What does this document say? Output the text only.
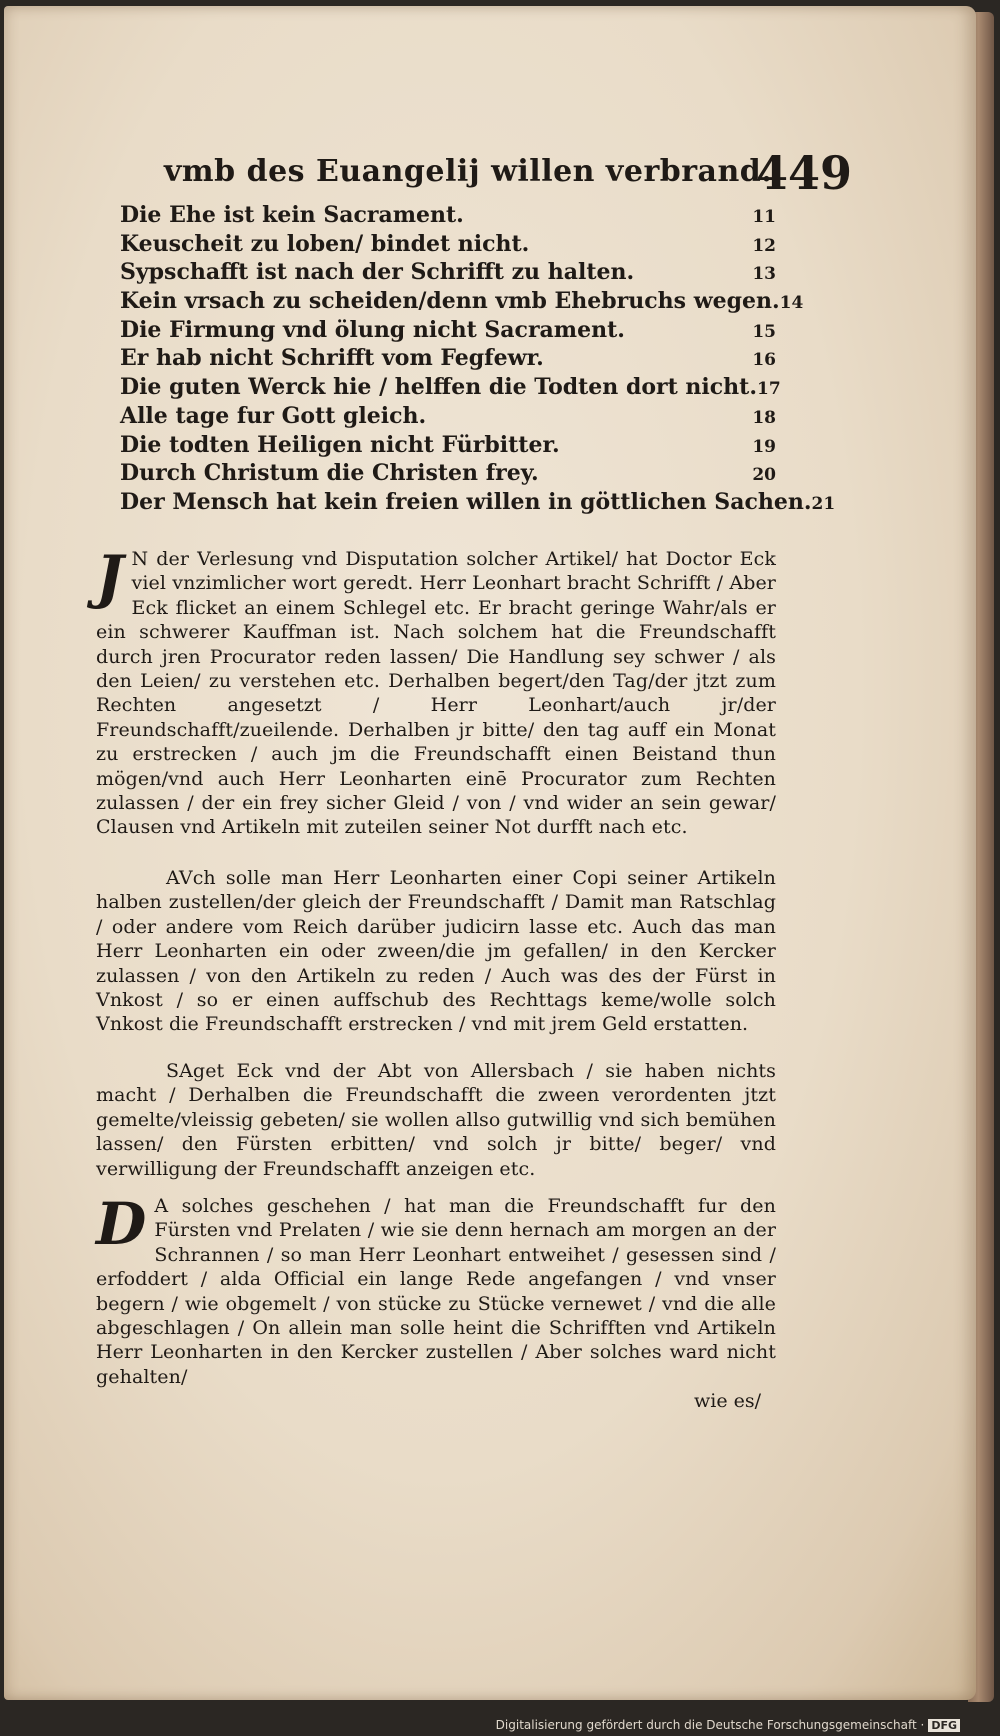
vmb des Euangelij willen verbrand.
449
Die Ehe ist kein Sacrament.	11
Keuscheit zu loben/ bindet nicht.	12
Sypschafft ist nach der Schrifft zu halten.	13
Kein vrsach zu scheiden/denn vmb Ehebruchs wegen. 14
Die Firmung vnd ölung nicht Sacrament.	15
Er hab nicht Schrifft vom Fegfewr.	16
Die guten Werck hie / helffen die Todten dort nicht. 17
Alle tage fur Gott gleich.	18
Die todten Heiligen nicht Fürbitter.	19
Durch Christum die Christen frey.	20
Der Mensch hat kein freien willen in göttlichen Sachen. 21

J N der Verlesung vnd Disputation solcher Artikel/ hat Doctor Eck viel vnzimlicher wort geredt. Herr Leonhart bracht Schrifft / Aber Eck flicket an einem Schlegel etc. Er bracht geringe Wahr/als er ein schwerer Kauffman ist. Nach solchem hat die Freundschafft durch jren Procurator reden lassen/ Die Handlung sey schwer / als den Leien/ zu verstehen etc. Derhalben begert/den Tag/der jtzt zum Rechten angesetzt / Herr Leonhart/auch jr/der Freundschafft/zueilende. Derhalben jr bitte/ den tag auff ein Monat zu erstrecken / auch jm die Freundschafft einen Beistand thun mögen/vnd auch Herr Leonharten einē Procurator zum Rechten zulassen / der ein frey sicher Gleid / von / vnd wider an sein gewar/ Clausen vnd Artikeln mit zuteilen seiner Not durfft nach etc.

AVch solle man Herr Leonharten einer Copi seiner Artikeln halben zustellen/der gleich der Freundschafft / Damit man Ratschlag / oder andere vom Reich darüber judicirn lasse etc. Auch das man Herr Leonharten ein oder zween/die jm gefallen/ in den Kercker zulassen / von den Artikeln zu reden / Auch was des der Fürst in Vnkost / so er einen auffschub des Rechttags keme/wolle solch Vnkost die Freundschafft erstrecken / vnd mit jrem Geld erstatten.

SAget Eck vnd der Abt von Allersbach / sie haben nichts macht / Derhalben die Freundschafft die zween verordenten jtzt gemelte/vleissig gebeten/ sie wollen allso gutwillig vnd sich bemühen lassen/ den Fürsten erbitten/ vnd solch jr bitte/ beger/ vnd verwilligung der Freundschafft anzeigen etc.

D A solches geschehen / hat man die Freundschafft fur den Fürsten vnd Prelaten / wie sie denn hernach am morgen an der Schrannen / so man Herr Leonhart entweihet / gesessen sind / erfoddert / alda Official ein lange Rede angefangen / vnd vnser begern / wie obgemelt / von stücke zu Stücke vernewet / vnd die alle abgeschlagen / On allein man solle heint die Schrifften vnd Artikeln Herr Leonharten in den Kercker zustellen / Aber solches ward nicht gehalten/

wie es/
Digitalisierung gefördert durch die Deutsche Forschungsgemeinschaft · DFG
